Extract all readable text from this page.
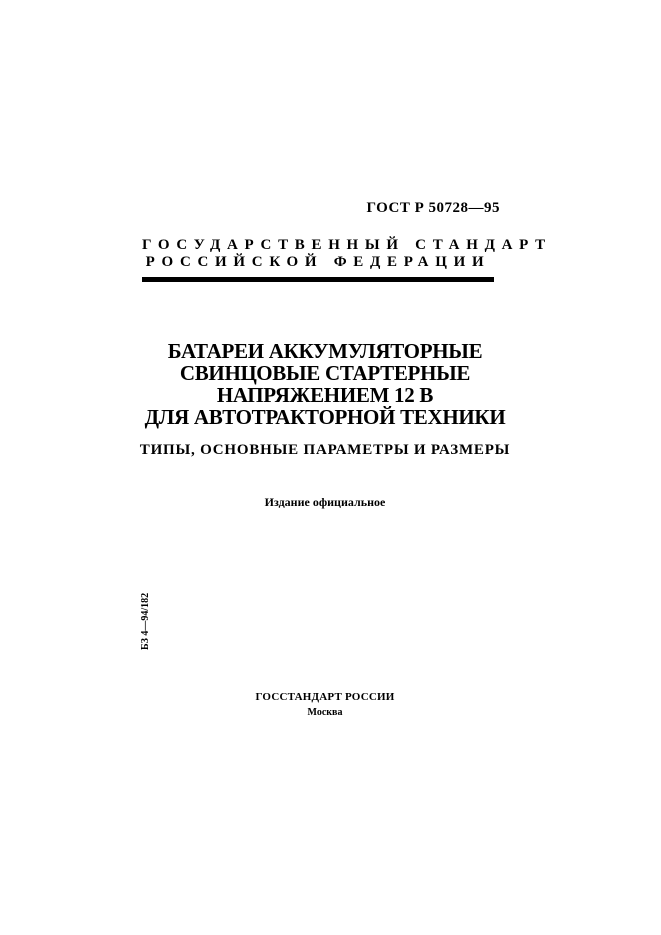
ГОСТ Р 50728—95
ГОСУДАРСТВЕННЫЙ СТАНДАРТ
РОССИЙСКОЙ ФЕДЕРАЦИИ
БАТАРЕИ АККУМУЛЯТОРНЫЕ
СВИНЦОВЫЕ СТАРТЕРНЫЕ
НАПРЯЖЕНИЕМ 12 В
ДЛЯ АВТОТРАКТОРНОЙ ТЕХНИКИ
ТИПЫ, ОСНОВНЫЕ ПАРАМЕТРЫ И РАЗМЕРЫ
Издание официальное
БЗ 4—94/182
ГОССТАНДАРТ РОССИИ
Москва
